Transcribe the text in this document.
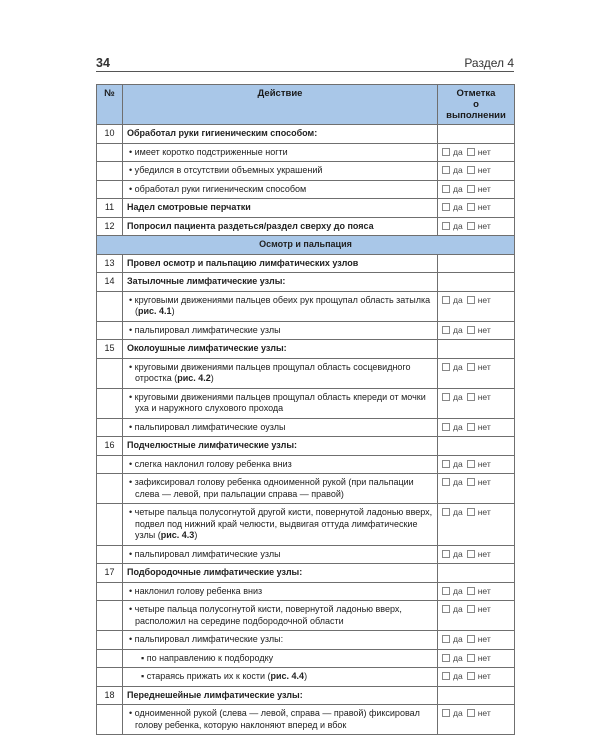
34	Раздел 4
№	Действие	Отметка
о выполнении
10	Обработал руки гигиеническим способом:	

	• имеет коротко подстриженные ногти	да нет

	• убедился в отсутствии объемных украшений	да нет

	• обработал руки гигиеническим способом	да нет
11	Надел смотровые перчатки	да нет
12	Попросил пациента раздеться/раздел сверху до пояса	да нет
Осмотр и пальпация		
13	Провел осмотр и пальпацию лимфатических узлов	
14	Затылочные лимфатические узлы:	

	• круговыми движениями пальцев обеих рук прощупал область затылка (рис. 4.1)	да нет

	• пальпировал лимфатические узлы	да нет
15	Околоушные лимфатические узлы:	

	• круговыми движениями пальцев прощупал область сосцевидного отростка (рис. 4.2)	да нет

	• круговыми движениями пальцев прощупал область кпереди от мочки уха и наружного слухового прохода	да нет

	• пальпировал лимфатические оузлы	да нет
16	Подчелюстные лимфатические узлы:	

	• слегка наклонил голову ребенка вниз	да нет

	• зафиксировал голову ребенка одноименной рукой (при пальпации слева — левой, при пальпации справа — правой)	да нет

	• четыре пальца полусогнутой другой кисти, повернутой ладонью вверх, подвел под нижний край челюсти, выдвигая оттуда лимфатические узлы (рис. 4.3)	да нет

	• пальпировал лимфатические узлы	да нет
17	Подбородочные лимфатические узлы:	

	• наклонил голову ребенка вниз	да нет

	• четыре пальца полусогнутой кисти, повернутой ладонью вверх, расположил на середине подбородочной области	да нет

	• пальпировал лимфатические узлы:	да нет

	▪ по направлению к подбородку	да нет

	▪ стараясь прижать их к кости (рис. 4.4)	да нет
18	Переднешейные лимфатические узлы:	

	• одноименной рукой (слева — левой, справа — правой) фиксировал голову ребенка, которую наклоняют вперед и вбок	да нет
